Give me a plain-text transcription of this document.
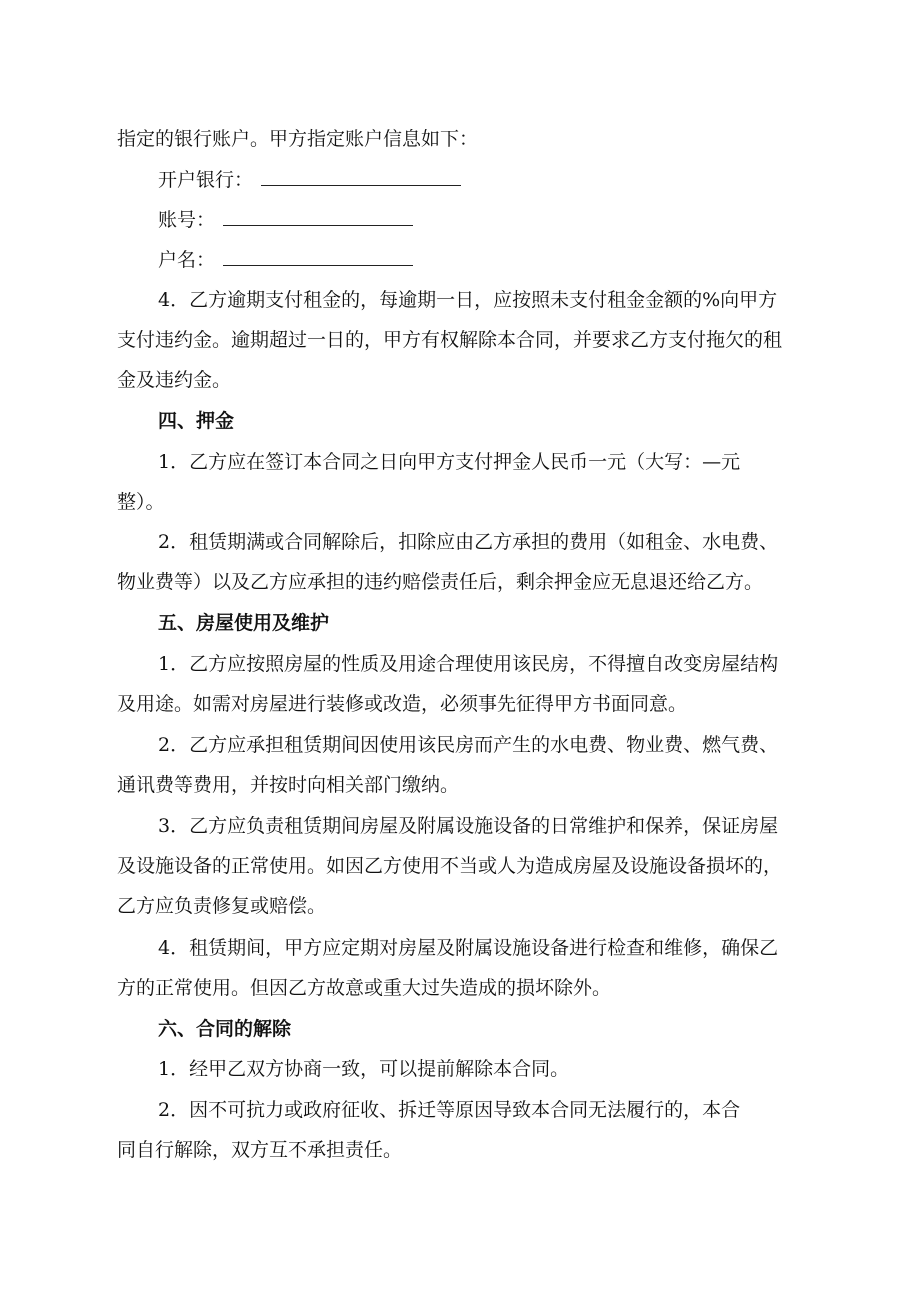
指定的银行账户。甲方指定账户信息如下：

开户银行：

账号：

户名：

4．乙方逾期支付租金的，每逾期一日，应按照未支付租金金额的%向甲方

支付违约金。逾期超过一日的，甲方有权解除本合同，并要求乙方支付拖欠的租

金及违约金。

四、押金

1．乙方应在签订本合同之日向甲方支付押金人民币一元（大写：—元

整）。

2．租赁期满或合同解除后，扣除应由乙方承担的费用（如租金、水电费、

物业费等）以及乙方应承担的违约赔偿责任后，剩余押金应无息退还给乙方。

五、房屋使用及维护

1．乙方应按照房屋的性质及用途合理使用该民房，不得擅自改变房屋结构

及用途。如需对房屋进行装修或改造，必须事先征得甲方书面同意。

2．乙方应承担租赁期间因使用该民房而产生的水电费、物业费、燃气费、

通讯费等费用，并按时向相关部门缴纳。

3．乙方应负责租赁期间房屋及附属设施设备的日常维护和保养，保证房屋

及设施设备的正常使用。如因乙方使用不当或人为造成房屋及设施设备损坏的，

乙方应负责修复或赔偿。

4．租赁期间，甲方应定期对房屋及附属设施设备进行检查和维修，确保乙

方的正常使用。但因乙方故意或重大过失造成的损坏除外。

六、合同的解除

1．经甲乙双方协商一致，可以提前解除本合同。

2．因不可抗力或政府征收、拆迁等原因导致本合同无法履行的，本合

同自行解除，双方互不承担责任。
